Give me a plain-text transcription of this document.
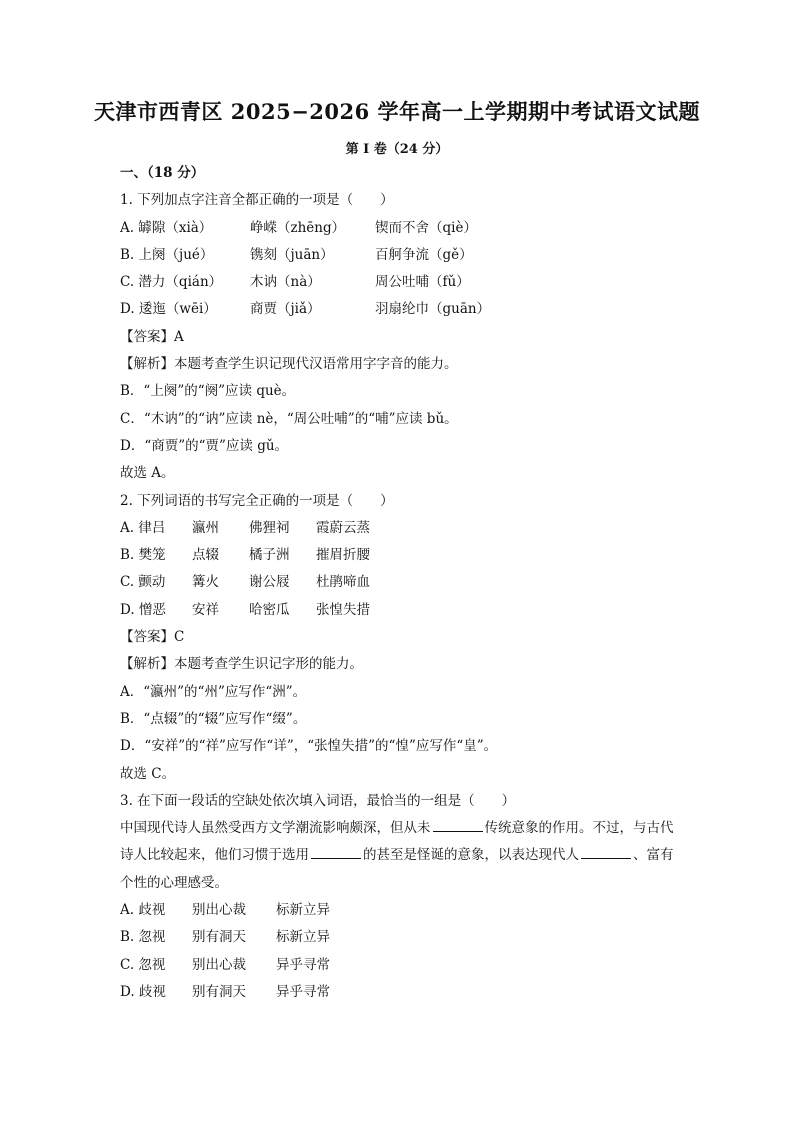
天津市西青区 2025−2026 学年高一上学期期中考试语文试题
第 I 卷（24 分）
一、（18 分）
1. 下列加点字注音全都正确的一项是（　　）
A. 罅隙（xià）	峥嵘（zhēng） 锲而不舍（qiè）
B. 上阕（jué）	镌刻（juān）	百舸争流（gě）
C. 潜力（qián） 木讷（nà）	周公吐哺（fǔ）
D. 逶迤（wēi） 商贾（jiǎ）	羽扇纶巾（guān）
【答案】A
【解析】本题考查学生识记现代汉语常用字字音的能力。
B．“上阕”的“阕”应读 què。
C．“木讷”的“讷”应读 nè，“周公吐哺”的“哺”应读 bǔ。
D．“商贾”的“贾”应读 gǔ。
故选 A。
2. 下列词语的书写完全正确的一项是（　　）
A. 律吕 瀛州 佛狸祠 霞蔚云蒸
B. 樊笼 点辍 橘子洲 摧眉折腰
C. 颤动 篝火 谢公屐 杜鹃啼血
D. 憎恶 安祥 哈密瓜 张惶失措
【答案】C
【解析】本题考查学生识记字形的能力。
A．“瀛州”的“州”应写作“洲”。
B．“点辍”的“辍”应写作“缀”。
D．“安祥”的“祥”应写作“详”，“张惶失措”的“惶”应写作“皇”。
故选 C。
3. 在下面一段话的空缺处依次填入词语，最恰当的一组是（　　）
中国现代诗人虽然受西方文学潮流影响颇深，但从未	传统意象的作用。不过，与古代诗人比较起来，他们习惯于选用	的甚至是怪诞的意象，以表达现代人	、富有个性的心理感受。
A. 歧视 别出心裁 标新立异
B. 忽视 别有洞天 标新立异
C. 忽视 别出心裁 异乎寻常
D. 歧视 别有洞天 异乎寻常
